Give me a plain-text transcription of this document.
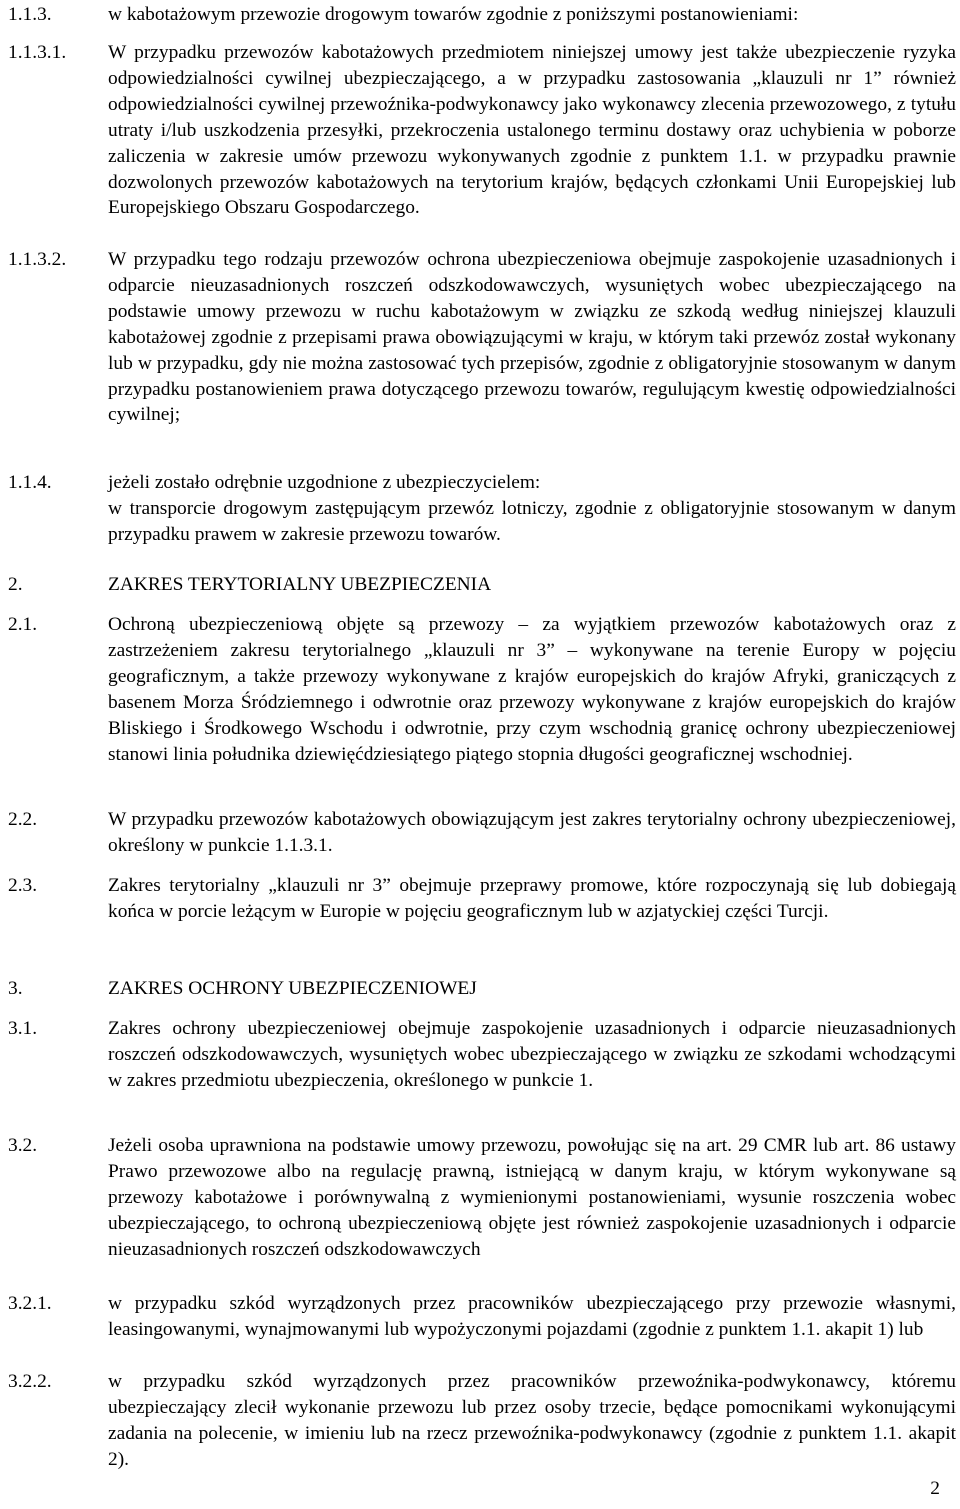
1.1.3.	w kabotażowym przewozie drogowym towarów zgodnie z poniższymi postanowieniami:
1.1.3.1. W przypadku przewozów kabotażowych przedmiotem niniejszej umowy jest także ubezpieczenie ryzyka odpowiedzialności cywilnej ubezpieczającego, a w przypadku zastosowania „klauzuli nr 1” również odpowiedzialności cywilnej przewoźnika-podwykonawcy jako wykonawcy zlecenia przewozowego, z tytułu utraty i/lub uszkodzenia przesyłki, przekroczenia ustalonego terminu dostawy oraz uchybienia w poborze zaliczenia w zakresie umów przewozu wykonywanych zgodnie z punktem 1.1. w przypadku prawnie dozwolonych przewozów kabotażowych na terytorium krajów, będących członkami Unii Europejskiej lub Europejskiego Obszaru Gospodarczego.
1.1.3.2. W przypadku tego rodzaju przewozów ochrona ubezpieczeniowa obejmuje zaspokojenie uzasadnionych i odparcie nieuzasadnionych roszczeń odszkodowawczych, wysuniętych wobec ubezpieczającego na podstawie umowy przewozu w ruchu kabotażowym w związku ze szkodą według niniejszej klauzuli kabotażowej zgodnie z przepisami prawa obowiązującymi w kraju, w którym taki przewóz został wykonany lub w przypadku, gdy nie można zastosować tych przepisów, zgodnie z obligatoryjnie stosowanym w danym przypadku postanowieniem prawa dotyczącego przewozu towarów, regulującym kwestię odpowiedzialności cywilnej;
1.1.4.	jeżeli zostało odrębnie uzgodnione z ubezpieczycielem:

w transporcie drogowym zastępującym przewóz lotniczy, zgodnie z obligatoryjnie stosowanym w danym przypadku prawem w zakresie przewozu towarów.

2.	ZAKRES TERYTORIALNY UBEZPIECZENIA
2.1.	Ochroną ubezpieczeniową objęte są przewozy – za wyjątkiem przewozów kabotażowych oraz z zastrzeżeniem zakresu terytorialnego „klauzuli nr 3” – wykonywane na terenie Europy w pojęciu geograficznym, a także przewozy wykonywane z krajów europejskich do krajów Afryki, graniczących z basenem Morza Śródziemnego i odwrotnie oraz przewozy wykonywane z krajów europejskich do krajów Bliskiego i Środkowego Wschodu i odwrotnie, przy czym wschodnią granicę ochrony ubezpieczeniowej stanowi linia południka dziewięćdziesiątego piątego stopnia długości geograficznej wschodniej.
2.2.	W przypadku przewozów kabotażowych obowiązującym jest zakres terytorialny ochrony ubezpieczeniowej, określony w punkcie 1.1.3.1.
2.3.	Zakres terytorialny „klauzuli nr 3” obejmuje przeprawy promowe, które rozpoczynają się lub dobiegają końca w porcie leżącym w Europie w pojęciu geograficznym lub w azjatyckiej części Turcji.
3.	ZAKRES OCHRONY UBEZPIECZENIOWEJ
3.1.	Zakres ochrony ubezpieczeniowej obejmuje zaspokojenie uzasadnionych i odparcie nieuzasadnionych roszczeń odszkodowawczych, wysuniętych wobec ubezpieczającego w związku ze szkodami wchodzącymi w zakres przedmiotu ubezpieczenia, określonego w punkcie 1.
3.2.	Jeżeli osoba uprawniona na podstawie umowy przewozu, powołując się na art. 29 CMR lub art. 86 ustawy Prawo przewozowe albo na regulację prawną, istniejącą w danym kraju, w którym wykonywane są przewozy kabotażowe i porównywalną z wymienionymi postanowieniami, wysunie roszczenia wobec ubezpieczającego, to ochroną ubezpieczeniową objęte jest również zaspokojenie uzasadnionych i odparcie nieuzasadnionych roszczeń odszkodowawczych
3.2.1.	w przypadku szkód wyrządzonych przez pracowników ubezpieczającego przy przewozie własnymi, leasingowanymi, wynajmowanymi lub wypożyczonymi pojazdami (zgodnie z punktem 1.1. akapit 1) lub
3.2.2.	w przypadku szkód wyrządzonych przez pracowników przewoźnika-podwykonawcy, któremu ubezpieczający zlecił wykonanie przewozu lub przez osoby trzecie, będące pomocnikami wykonującymi zadania na polecenie, w imieniu lub na rzecz przewoźnika-podwykonawcy (zgodnie z punktem 1.1. akapit 2).
2
